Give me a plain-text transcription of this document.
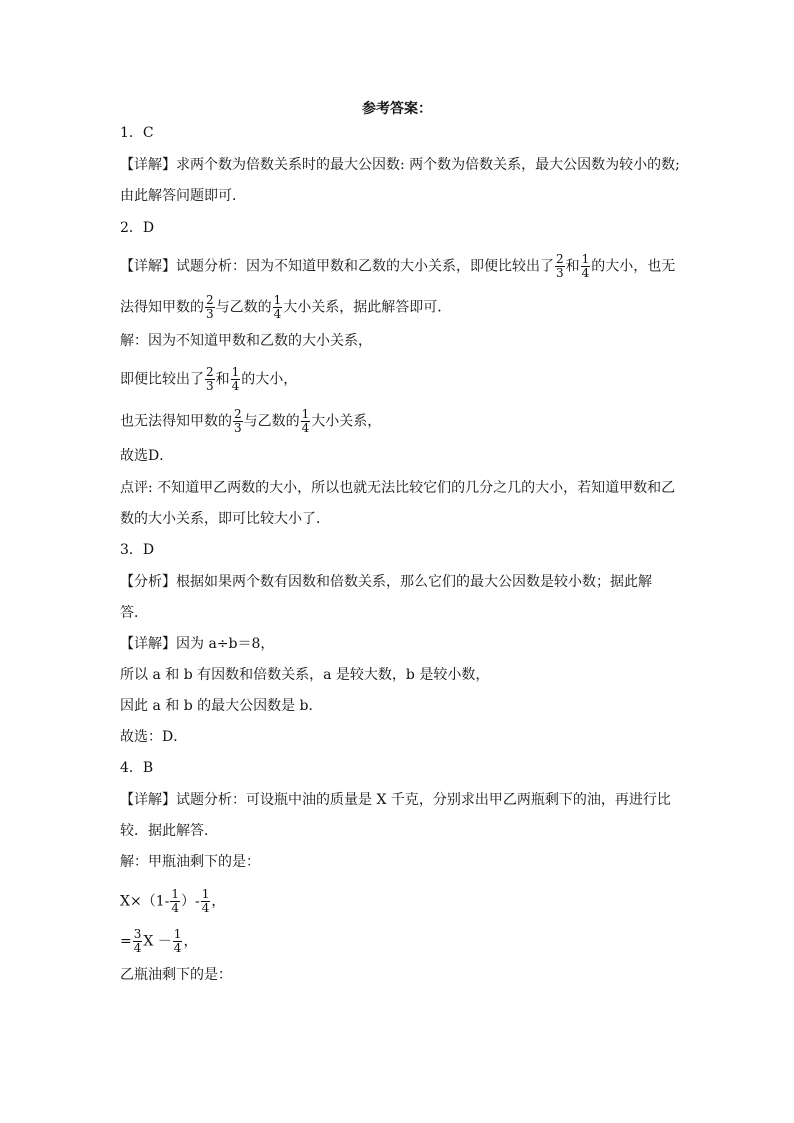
参考答案：
1．C
【详解】求两个数为倍数关系时的最大公因数: 两个数为倍数关系，最大公因数为较小的数;
由此解答问题即可．
2．D
【详解】试题分析：因为不知道甲数和乙数的大小关系，即便比较出了 $\frac{2}{3}$ 和 $\frac{1}{4}$ 的大小，也无
法得知甲数的 $\frac{2}{3}$ 与乙数的 $\frac{1}{4}$ 大小关系，据此解答即可．
解：因为不知道甲数和乙数的大小关系，
即便比较出了 $\frac{2}{3}$ 和 $\frac{1}{4}$ 的大小，
也无法得知甲数的 $\frac{2}{3}$ 与乙数的 $\frac{1}{4}$ 大小关系，
故选D．
点评: 不知道甲乙两数的大小，所以也就无法比较它们的几分之几的大小，若知道甲数和乙
数的大小关系，即可比较大小了．
3．D
【分析】根据如果两个数有因数和倍数关系，那么它们的最大公因数是较小数；据此解
答．
【详解】因为 a÷b＝8，
所以 a 和 b 有因数和倍数关系，a 是较大数，b 是较小数，
因此 a 和 b 的最大公因数是 b．
故选：D．
4．B
【详解】试题分析：可设瓶中油的质量是 X 千克，分别求出甲乙两瓶剩下的油，再进行比
较．据此解答．
解：甲瓶油剩下的是：
$X\times(1- \frac{1}{4}$ ）- $\frac{1}{4}$ ，
= $\frac{3}{4}$ $X - \frac{1}{4}$ ，
乙瓶油剩下的是：
